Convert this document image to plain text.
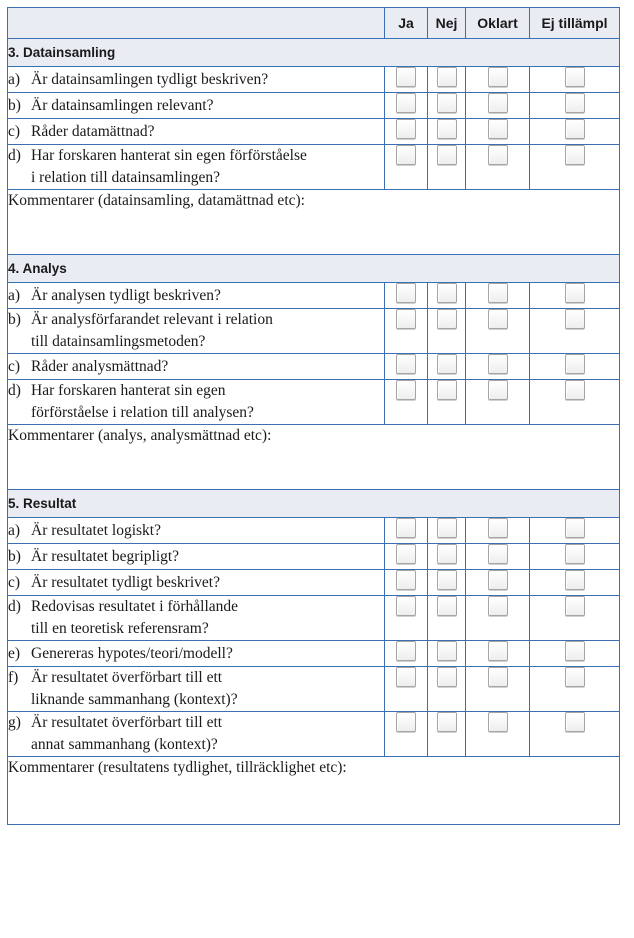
	Ja	Nej	Oklart	Ej tillämpl
3. Datainsamling				

a) Är datainsamlingen tydligt beskriven?				

b) Är datainsamlingen relevant?				

c) Råder datamättnad?				

d) Har forskaren hanterat sin egen förförståelse
i relation till datainsamlingen?				

Kommentarer (datainsamling, datamättnad etc):				
4. Analys				

a) Är analysen tydligt beskriven?				

b) Är analysförfarandet relevant i relation
till datainsamlingsmetoden?				

c) Råder analysmättnad?				

d) Har forskaren hanterat sin egen
förförståelse i relation till analysen?				

Kommentarer (analys, analysmättnad etc):				
5. Resultat				

a) Är resultatet logiskt?				

b) Är resultatet begripligt?				

c) Är resultatet tydligt beskrivet?				

d) Redovisas resultatet i förhållande
till en teoretisk referensram?				

e) Genereras hypotes/teori/modell?				

f) Är resultatet överförbart till ett
liknande sammanhang (kontext)?				

g) Är resultatet överförbart till ett
annat sammanhang (kontext)?				

Kommentarer (resultatens tydlighet, tillräcklighet etc):				
